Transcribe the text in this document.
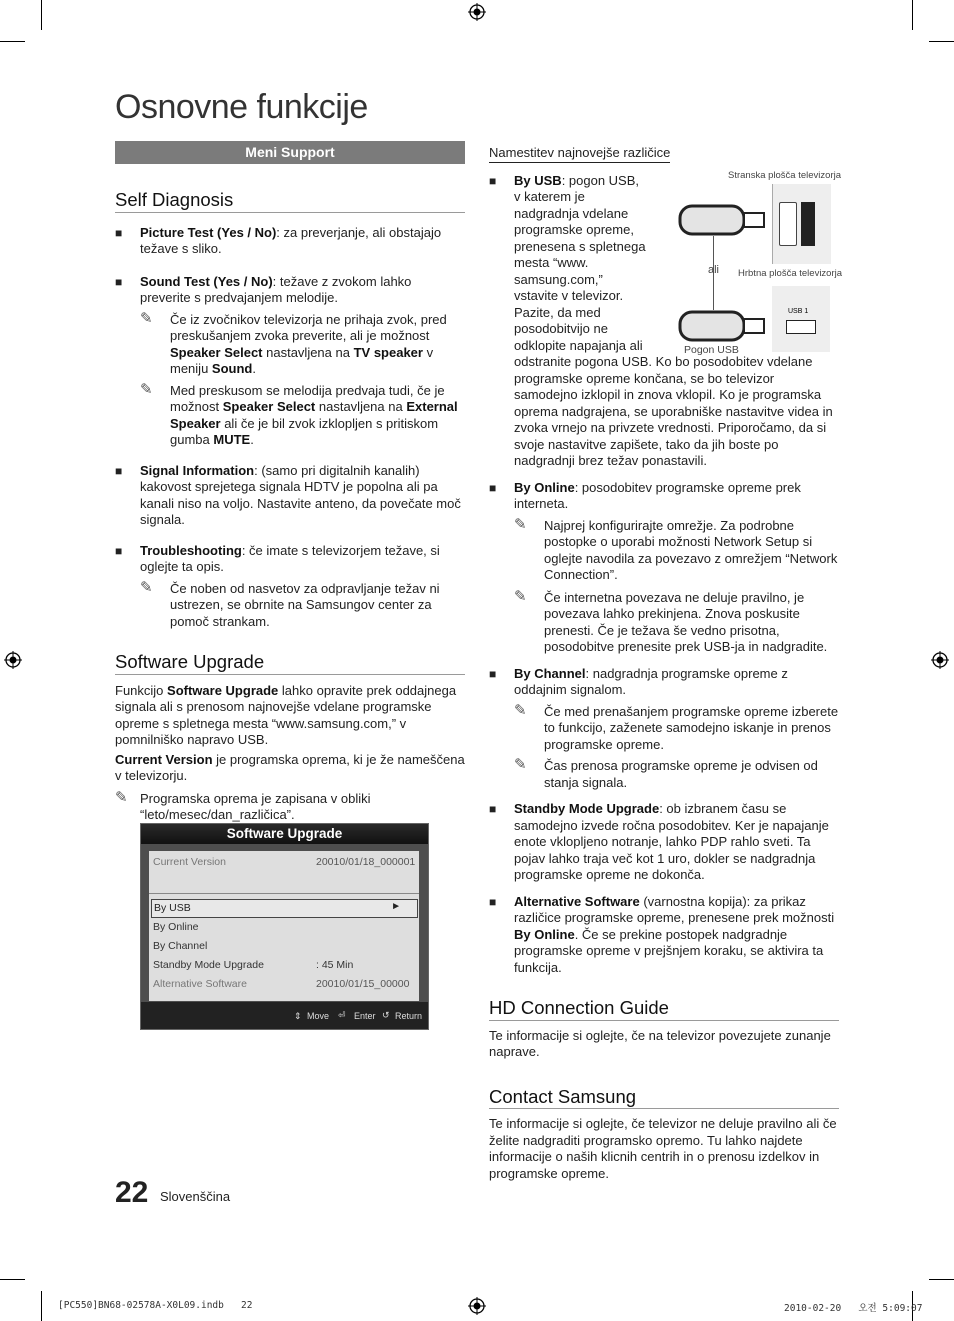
Osnovne funkcije
Meni Support
Self Diagnosis
■ Picture Test (Yes / No): za preverjanje, ali obstajajo težave s sliko.
■ Sound Test (Yes / No): težave z zvokom lahko preverite s predvajanjem melodije.
✎ Če iz zvočnikov televizorja ne prihaja zvok, pred preskušanjem zvoka preverite, ali je možnost Speaker Select nastavljena na TV speaker v meniju Sound.
✎ Med preskusom se melodija predvaja tudi, če je možnost Speaker Select nastavljena na External Speaker ali če je bil zvok izklopljen s pritiskom gumba MUTE.
■ Signal Information: (samo pri digitalnih kanalih) kakovost sprejetega signala HDTV je popolna ali pa kanali niso na voljo. Nastavite anteno, da povečate moč signala.
■ Troubleshooting: če imate s televizorjem težave, si oglejte ta opis.
✎ Če noben od nasvetov za odpravljanje težav ni ustrezen, se obrnite na Samsungov center za pomoč strankam.
Software Upgrade

Funkcijo Software Upgrade lahko opravite prek oddajnega signala ali s prenosom najnovejše vdelane programske opreme s spletnega mesta “www.samsung.com,” v pomnilniško napravo USB.

Current Version je programska oprema, ki je že nameščena v televizorju.

✎ Programska oprema je zapisana v obliki “leto/mesec/dan_različica”.
Software Upgrade
Current Version	20010/01/18_000001
By USB	►
By Online
By Channel
Standby Mode Upgrade	: 45 Min
Alternative Software	20010/01/15_00000
⇕ Move ⏎ Enter ↺ Return
Namestitev najnovejše različice
■ By USB: pogon USB, v katerem je nadgradnja vdelane programske opreme, prenesena s spletnega mesta “www. samsung.com,” vstavite v televizor. Pazite, da med posodobitvijo ne odklopite napajanja ali odstranite pogona USB. Ko bo posodobitev vdelane programske opreme končana, se bo televizor samodejno izklopil in znova vklopil. Ko je programska oprema nadgrajena, se uporabniške nastavitve videa in zvoka vrnejo na privzete vrednosti. Priporočamo, da si svoje nastavitve zapišete, tako da jih boste po nadgradnji brez težav ponastavili.
■ By Online: posodobitev programske opreme prek interneta.
✎ Najprej konfigurirajte omrežje. Za podrobne postopke o uporabi možnosti Network Setup si oglejte navodila za povezavo z omrežjem “Network Connection”.
✎ Če internetna povezava ne deluje pravilno, je povezava lahko prekinjena. Znova poskusite prenesti. Če je težava še vedno prisotna, posodobitve prenesite prek USB-ja in nadgradite.
■ By Channel: nadgradnja programske opreme z oddajnim signalom.
✎ Če med prenašanjem programske opreme izberete to funkcijo, zaženete samodejno iskanje in prenos programske opreme.
✎ Čas prenosa programske opreme je odvisen od stanja signala.
■ Standby Mode Upgrade: ob izbranem času se samodejno izvede ročna posodobitev. Ker je napajanje enote vklopljeno notranje, lahko PDP rahlo sveti. Ta pojav lahko traja več kot 1 uro, dokler se nadgradnja programske opreme ne dokonča.
■ Alternative Software (varnostna kopija): za prikaz različice programske opreme, prenesene prek možnosti By Online. Če se prekine postopek nadgradnje programske opreme v prejšnjem koraku, se aktivira ta funkcija.
HD Connection Guide

Te informacije si oglejte, če na televizor povezujete zunanje naprave.

Contact Samsung

Te informacije si oglejte, če televizor ne deluje pravilno ali če želite nadgraditi programsko opremo. Tu lahko najdete informacije o naših klicnih centrih in o prenosu izdelkov in programske opreme.

Stranska plošča televizorja
ali Hrbtna plošča televizorja
USB 1
Pogon USB
22 Slovenščina
[PC550]BN68-02578A-X0L09.indb   22	2010-02-20   오전 5:09:07
